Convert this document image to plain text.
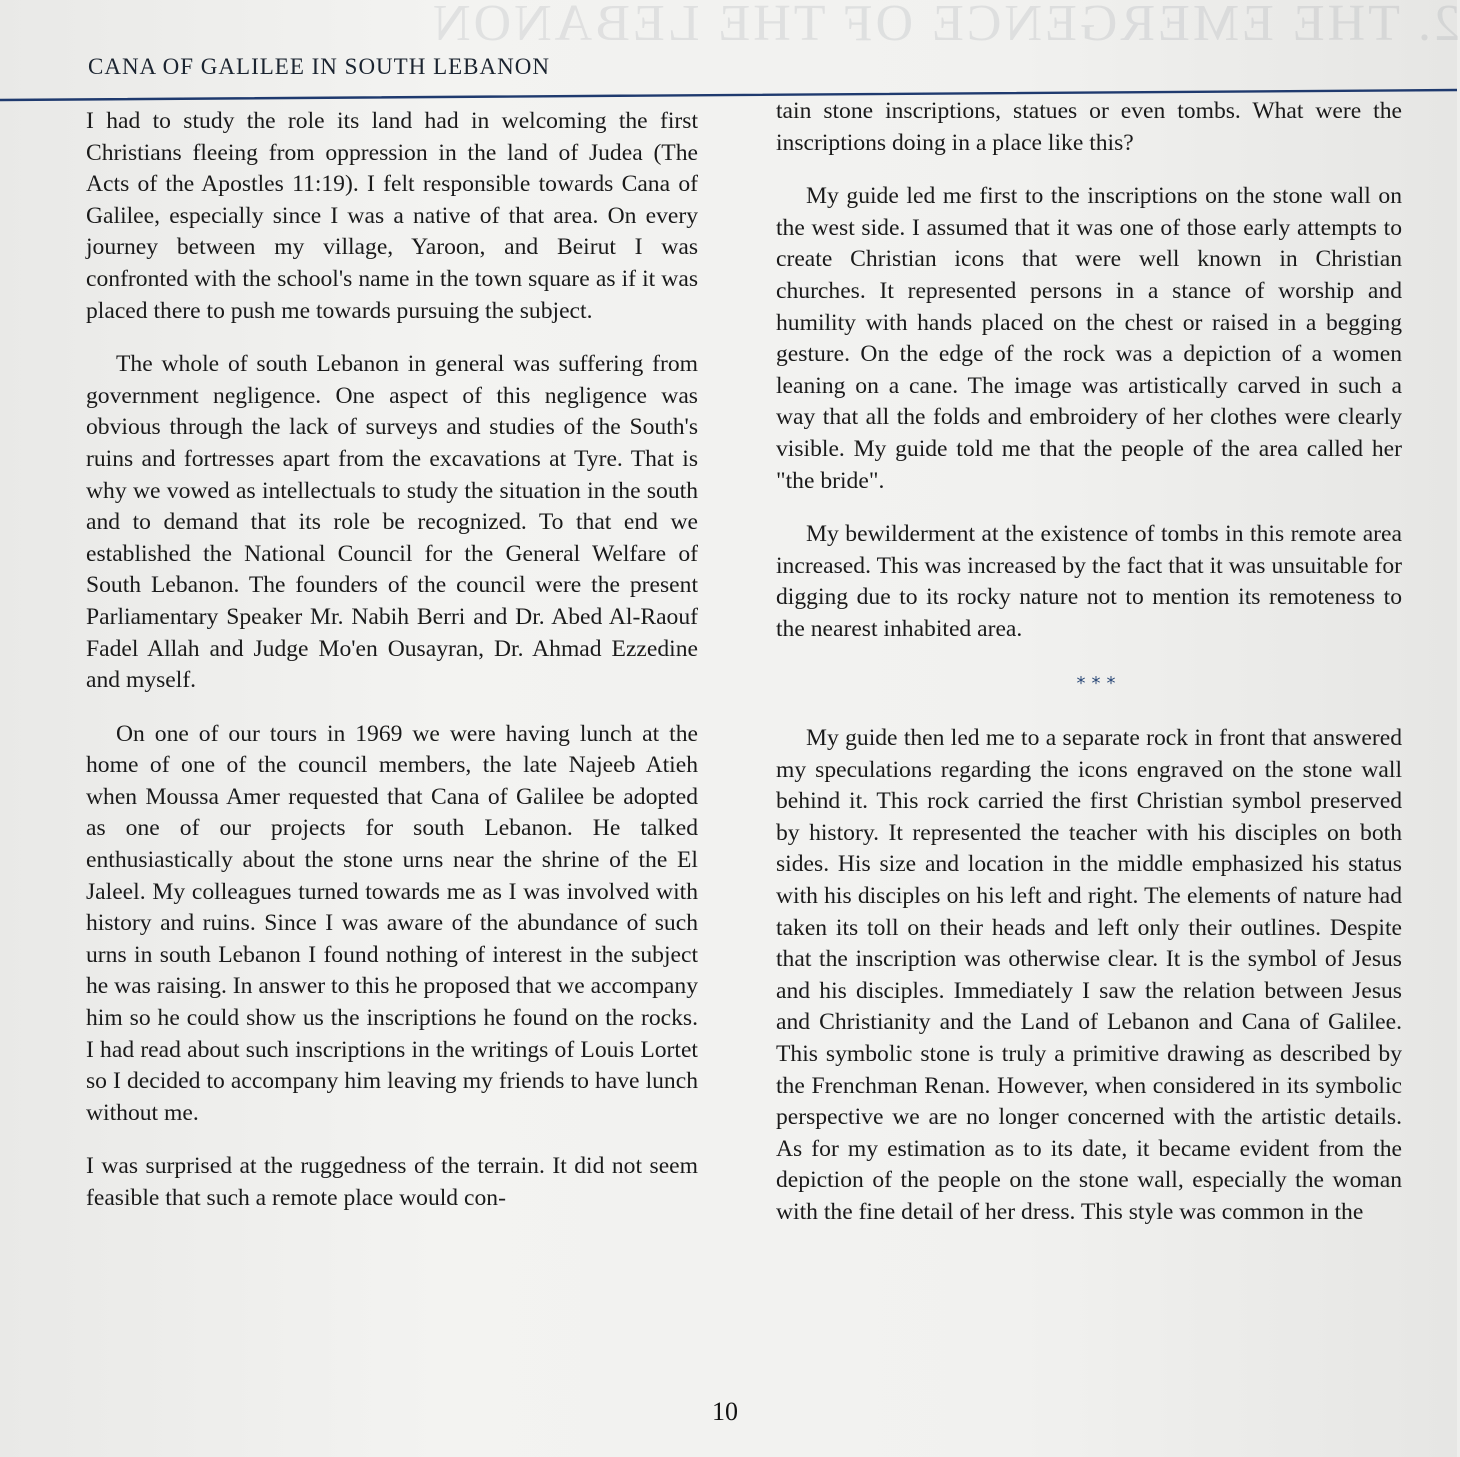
2. THE EMERGENCE OF THE LEBANON
CANA OF GALILEE IN SOUTH LEBANON

I had to study the role its land had in welcoming the first Christians fleeing from oppression in the land of Judea (The Acts of the Apostles 11:19). I felt responsible towards Cana of Galilee, especially since I was a native of that area. On every journey between my village, Yaroon, and Beirut I was confronted with the school's name in the town square as if it was placed there to push me towards pursuing the subject.

The whole of south Lebanon in general was suffering from government negligence. One aspect of this negligence was obvious through the lack of surveys and studies of the South's ruins and fortresses apart from the excavations at Tyre. That is why we vowed as intellectuals to study the situation in the south and to demand that its role be recognized. To that end we established the National Council for the General Welfare of South Lebanon. The founders of the council were the present Parliamentary Speaker Mr. Nabih Berri and Dr. Abed Al-Raouf Fadel Allah and Judge Mo'en Ousayran, Dr. Ahmad Ezzedine and myself.

On one of our tours in 1969 we were having lunch at the home of one of the council members, the late Najeeb Atieh when Moussa Amer requested that Cana of Galilee be adopted as one of our projects for south Lebanon. He talked enthusiastically about the stone urns near the shrine of the El Jaleel. My colleagues turned towards me as I was involved with history and ruins. Since I was aware of the abundance of such urns in south Lebanon I found nothing of interest in the subject he was raising. In answer to this he proposed that we accompany him so he could show us the inscriptions he found on the rocks. I had read about such inscriptions in the writings of Louis Lortet so I decided to accompany him leaving my friends to have lunch without me.

I was surprised at the ruggedness of the terrain. It did not seem feasible that such a remote place would con-

tain stone inscriptions, statues or even tombs. What were the inscriptions doing in a place like this?

My guide led me first to the inscriptions on the stone wall on the west side. I assumed that it was one of those early attempts to create Christian icons that were well known in Christian churches. It represented persons in a stance of worship and humility with hands placed on the chest or raised in a begging gesture. On the edge of the rock was a depiction of a women leaning on a cane. The image was artistically carved in such a way that all the folds and embroidery of her clothes were clearly visible. My guide told me that the people of the area called her "the bride".

My bewilderment at the existence of tombs in this remote area increased. This was increased by the fact that it was unsuitable for digging due to its rocky nature not to mention its remoteness to the nearest inhabited area.

***

My guide then led me to a separate rock in front that answered my speculations regarding the icons engraved on the stone wall behind it. This rock carried the first Christian symbol preserved by history. It represented the teacher with his disciples on both sides. His size and location in the middle emphasized his status with his disciples on his left and right. The elements of nature had taken its toll on their heads and left only their outlines. Despite that the inscription was otherwise clear. It is the symbol of Jesus and his disciples. Immediately I saw the relation between Jesus and Christianity and the Land of Lebanon and Cana of Galilee. This symbolic stone is truly a primitive drawing as described by the Frenchman Renan. However, when considered in its symbolic perspective we are no longer concerned with the artistic details. As for my estimation as to its date, it became evident from the depiction of the people on the stone wall, especially the woman with the fine detail of her dress. This style was common in the

10
